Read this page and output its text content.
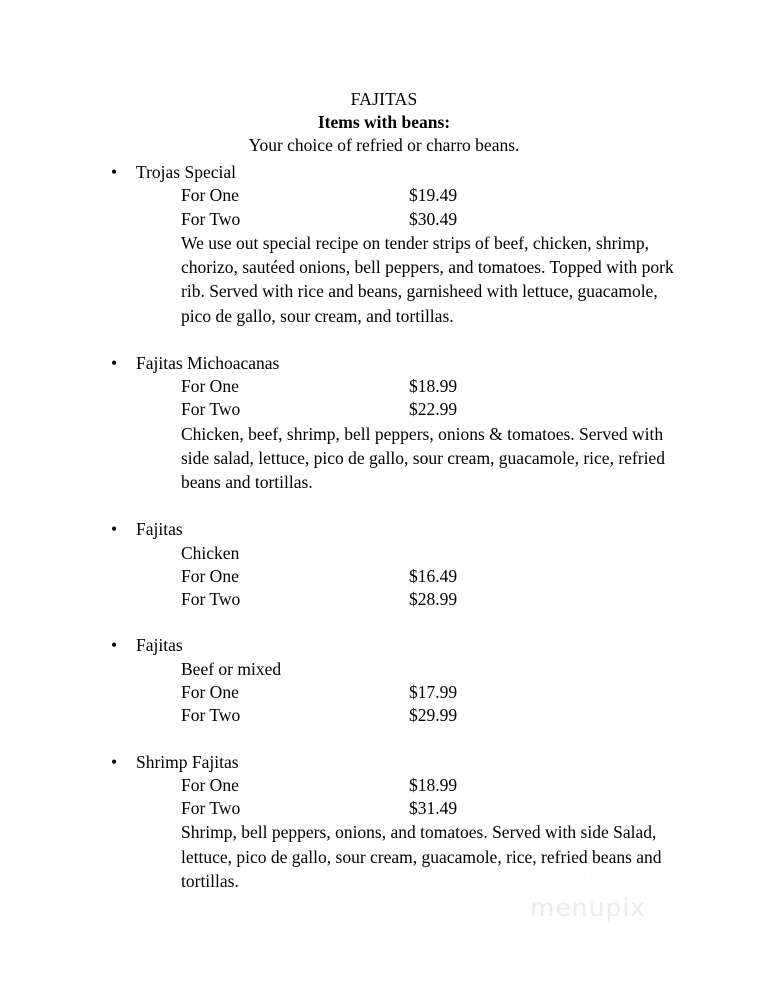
FAJITAS
Items with beans:
Your choice of refried or charro beans.
• Trojas Special
For One	$19.49
For Two	$30.49
We use out special recipe on tender strips of beef, chicken, shrimp, chorizo, sautéed onions, bell peppers, and tomatoes. Topped with pork rib. Served with rice and beans, garnisheed with lettuce, guacamole, pico de gallo, sour cream, and tortillas.
• Fajitas Michoacanas
For One	$18.99
For Two	$22.99
Chicken, beef, shrimp, bell peppers, onions & tomatoes. Served with side salad, lettuce, pico de gallo, sour cream, guacamole, rice, refried beans and tortillas.
• Fajitas
Chicken
For One	$16.49
For Two	$28.99
• Fajitas
Beef or mixed
For One	$17.99
For Two	$29.99
• Shrimp Fajitas
For One	$18.99
For Two	$31.49
Shrimp, bell peppers, onions, and tomatoes. Served with side Salad, lettuce, pico de gallo, sour cream, guacamole, rice, refried beans and tortillas.	menupix.com
menupix
